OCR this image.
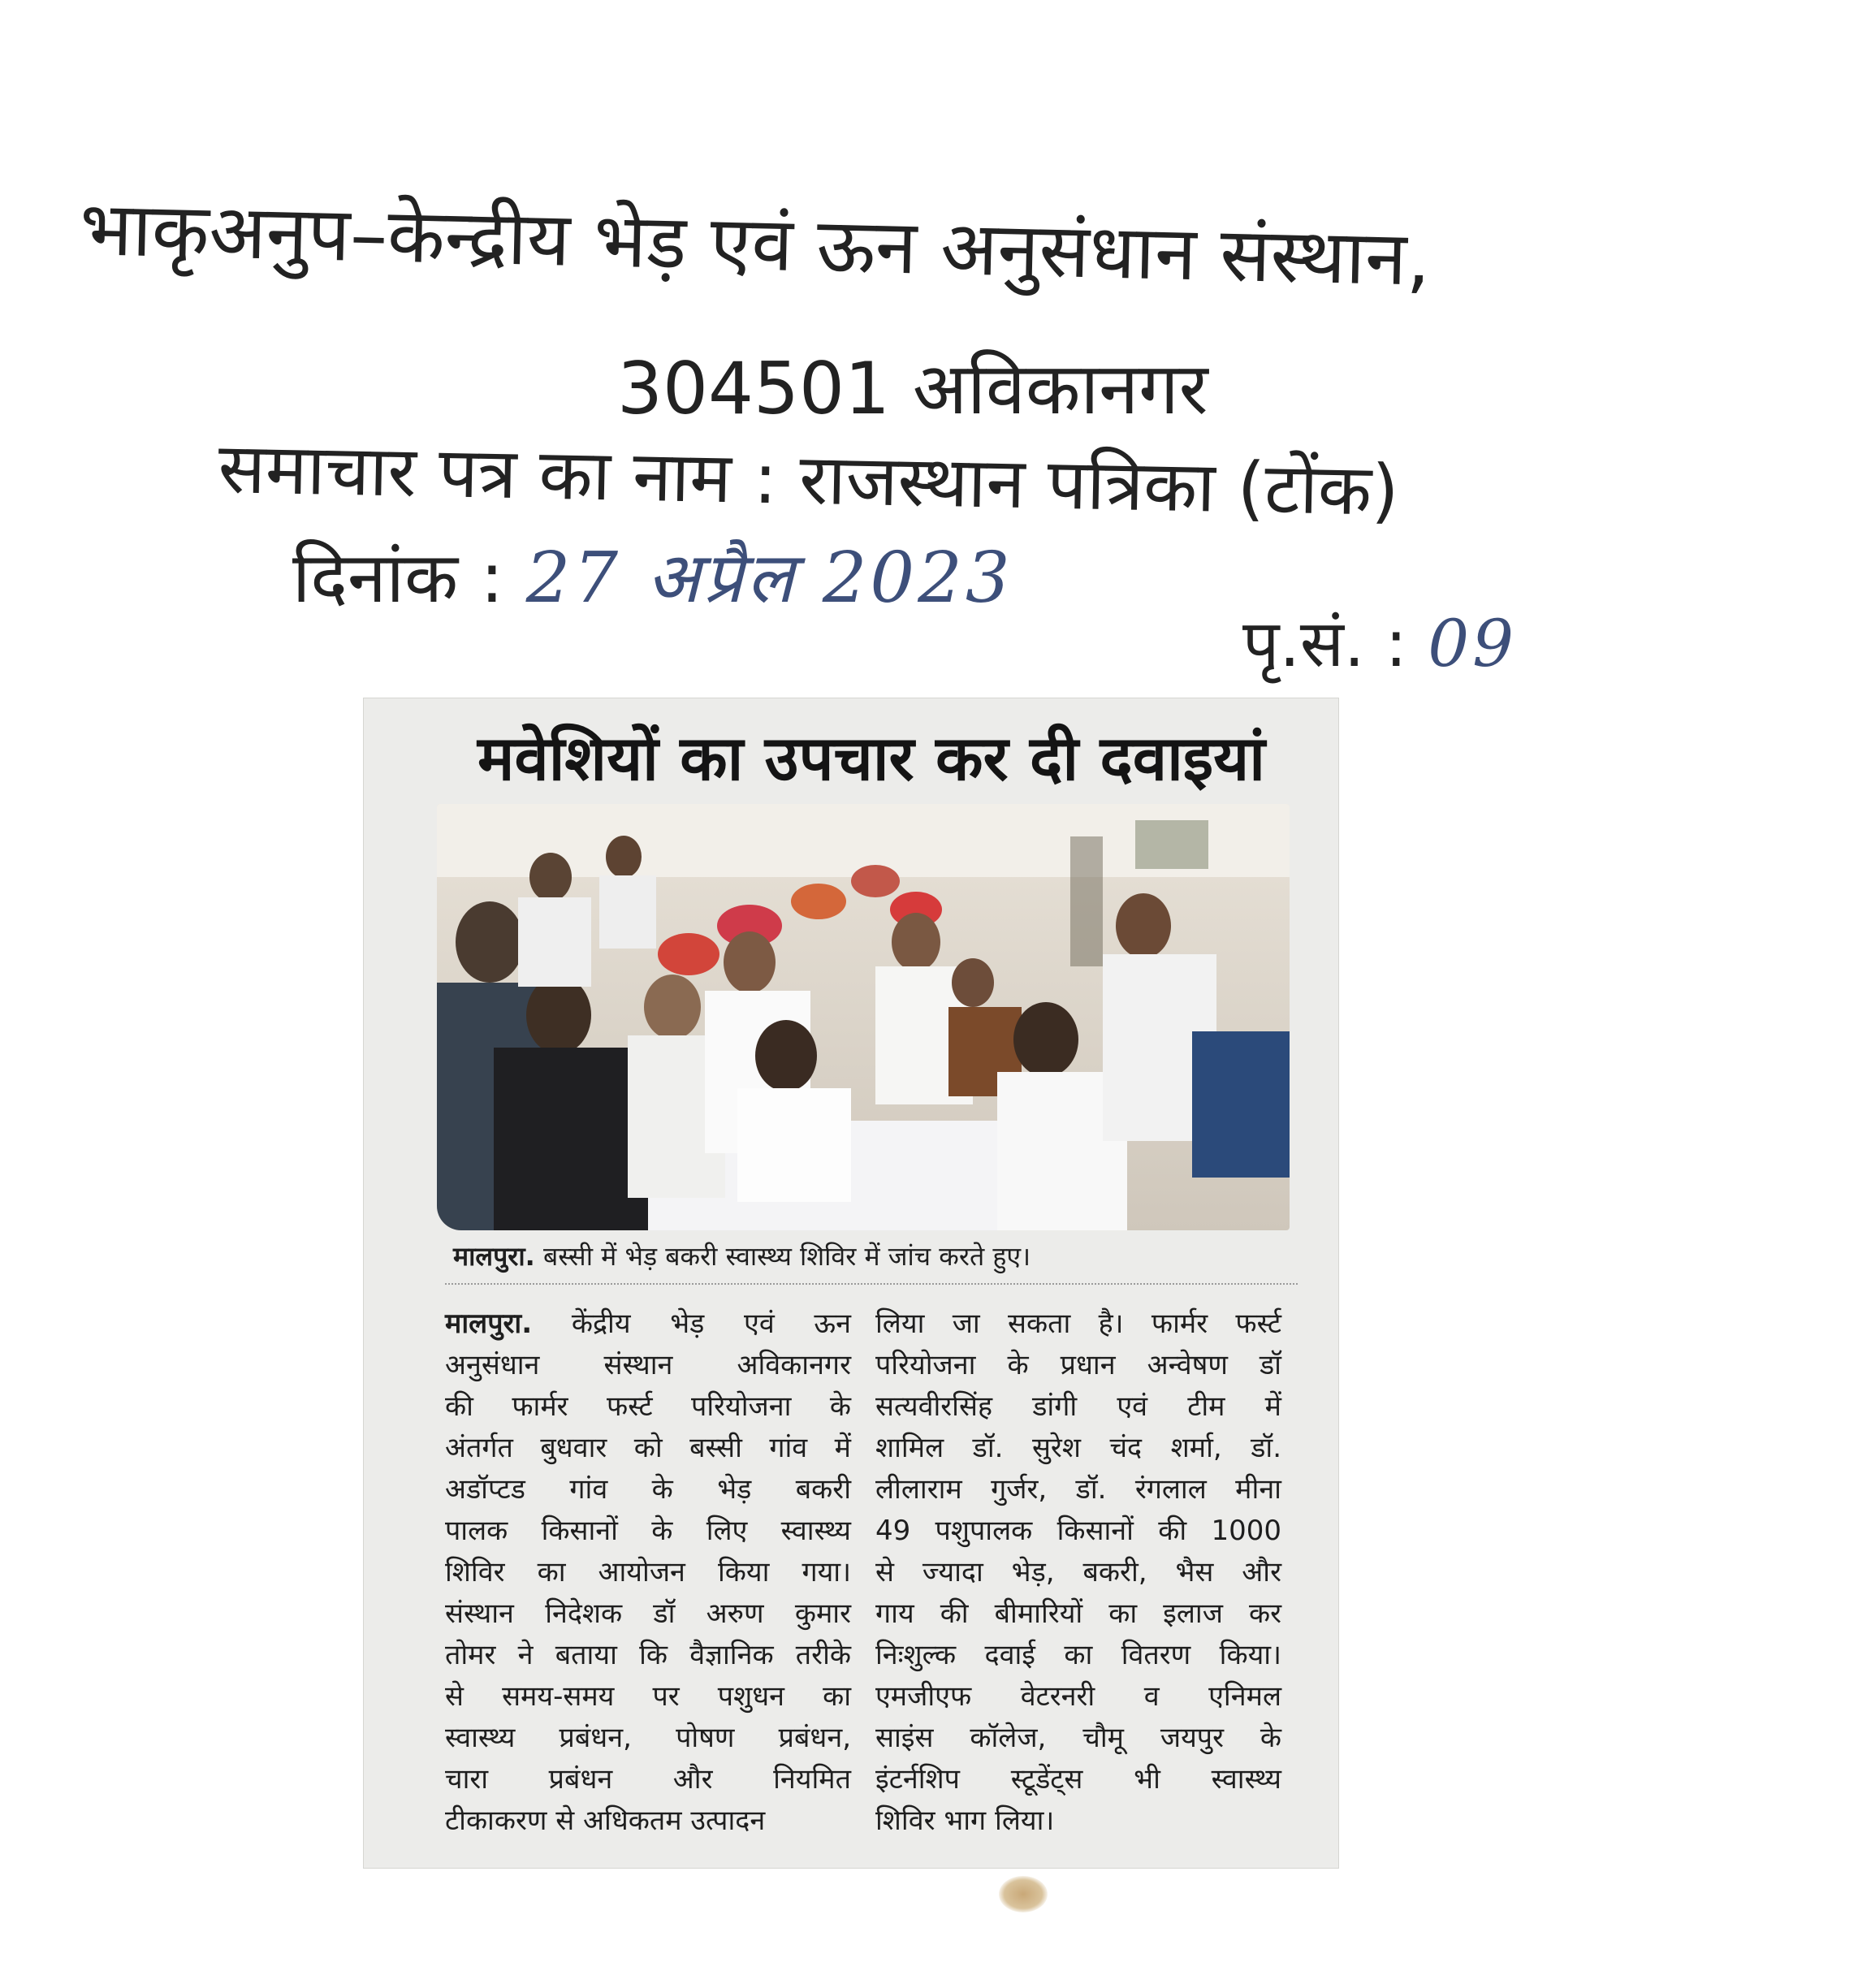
भाकृअनुप–केन्द्रीय भेड़ एवं ऊन अनुसंधान संस्थान,
304501 अविकानगर
समाचार पत्र का नाम : राजस्थान पत्रिका (टोंक)
दिनांक : 27 अप्रैल 2023
पृ.सं. : 09
मवेशियों का उपचार कर दी दवाइयां
मालपुरा. बस्सी में भेड़ बकरी स्वास्थ्य शिविर में जांच करते हुए।
मालपुरा. केंद्रीय भेड़ एवं ऊन
अनुसंधान संस्थान अविकानगर
की फार्मर फर्स्ट परियोजना के
अंतर्गत बुधवार को बस्सी गांव में
अडॉप्टड गांव के भेड़ बकरी
पालक किसानों के लिए स्वास्थ्य
शिविर का आयोजन किया गया।
संस्थान निदेशक डॉ अरुण कुमार
तोमर ने बताया कि वैज्ञानिक तरीके
से समय-समय पर पशुधन का
स्वास्थ्य प्रबंधन, पोषण प्रबंधन,
चारा प्रबंधन और नियमित
टीकाकरण से अधिकतम उत्पादन
लिया जा सकता है। फार्मर फर्स्ट
परियोजना के प्रधान अन्वेषण डॉ
सत्यवीरसिंह डांगी एवं टीम में
शामिल डॉ. सुरेश चंद शर्मा, डॉ.
लीलाराम गुर्जर, डॉ. रंगलाल मीना
49 पशुपालक किसानों की 1000
से ज्यादा भेड़, बकरी, भैस और
गाय की बीमारियों का इलाज कर
निःशुल्क दवाई का वितरण किया।
एमजीएफ वेटरनरी व एनिमल
साइंस कॉलेज, चौमू जयपुर के
इंटर्नशिप स्टूडेंट्स भी स्वास्थ्य
शिविर भाग लिया।
